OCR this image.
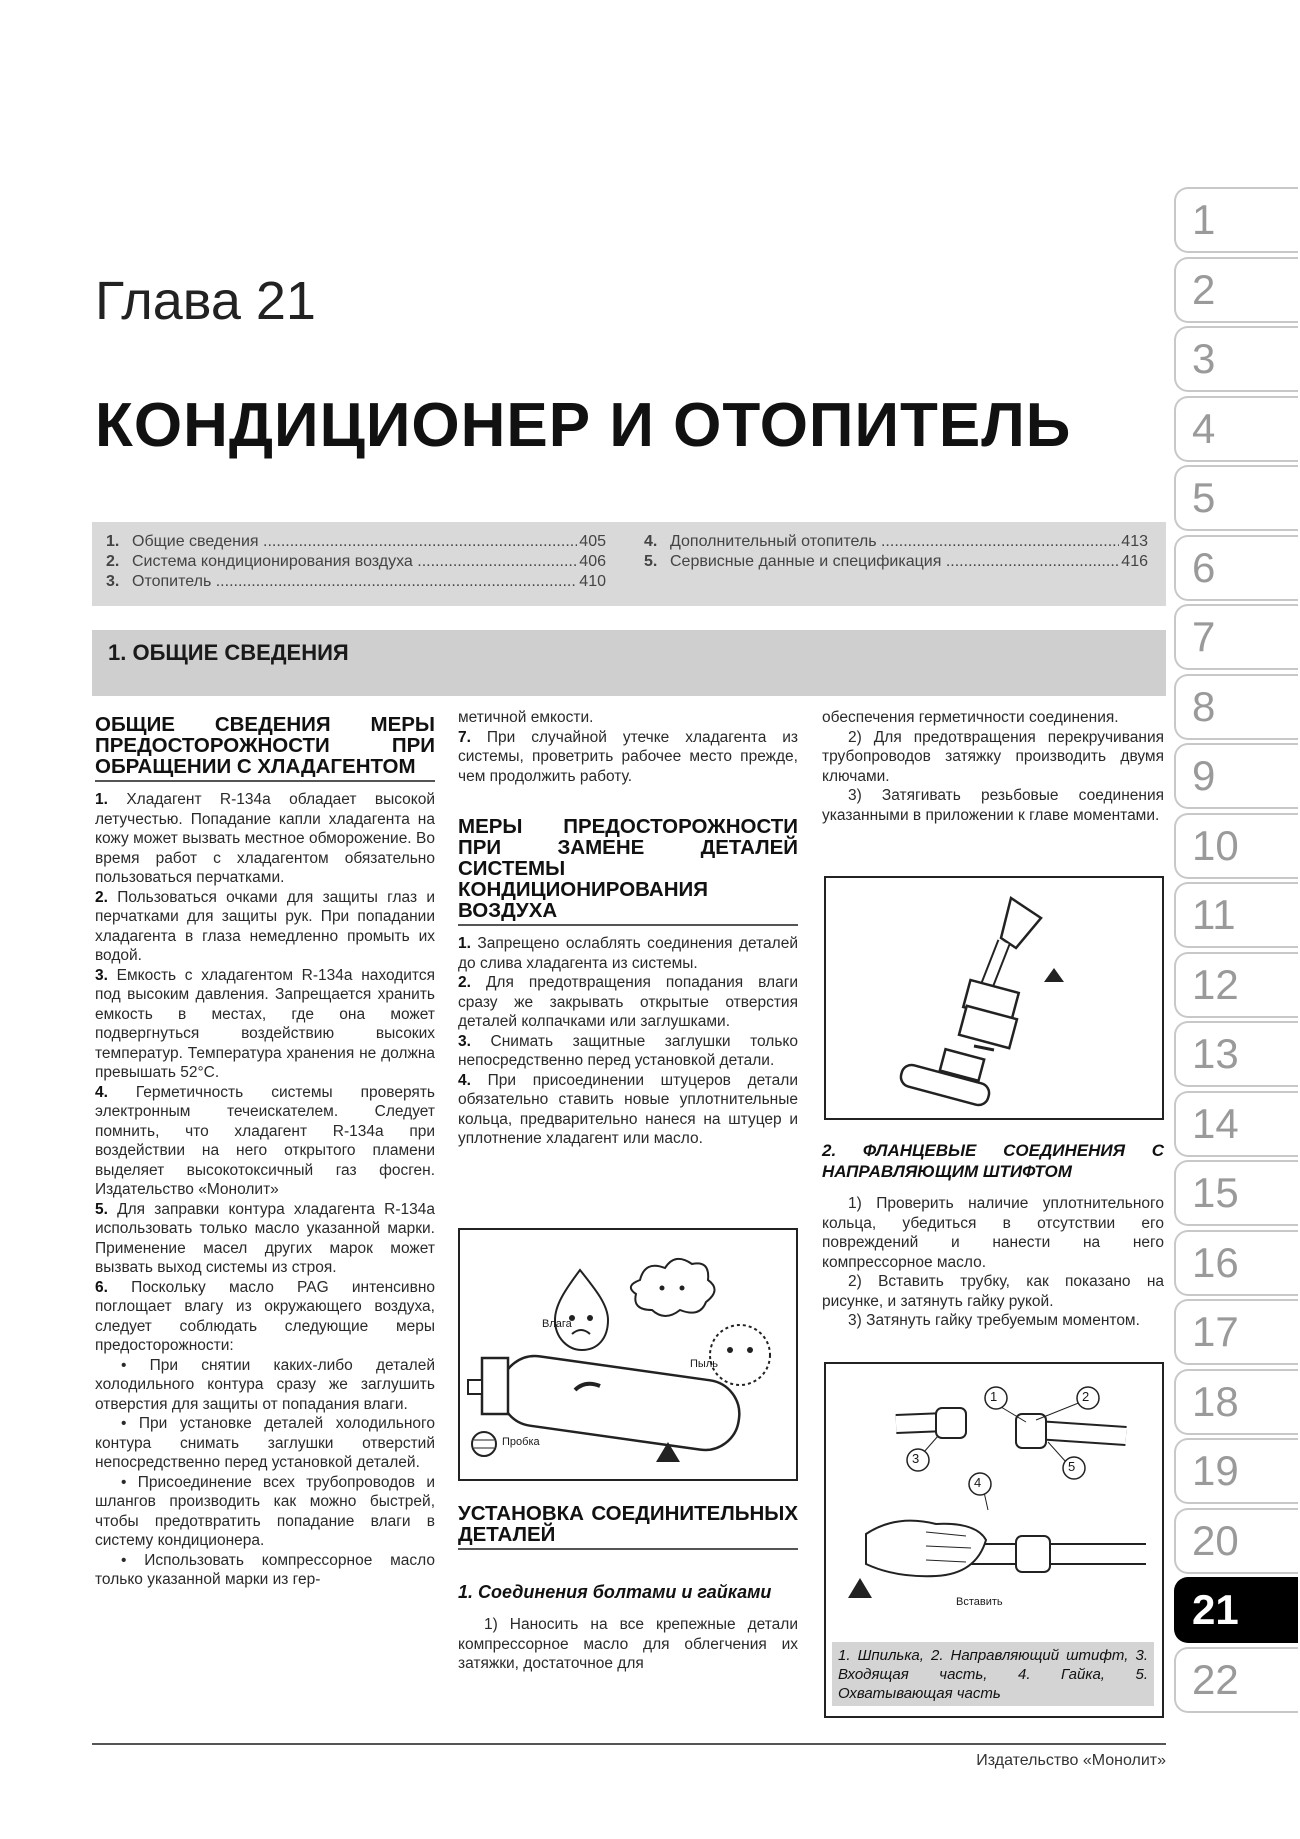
1
2
3
4
5
6
7
8
9
10
11
12
13
14
15
16
17
18
19
20
21
22
Глава 21
КОНДИЦИОНЕР И ОТОПИТЕЛЬ
1. Общие сведения .....	405
2. Система кондиционирования воздуха .....	406
3. Отопитель .....	410
4. Дополнительный отопитель .....	413
5. Сервисные данные и спецификация .....	416
1. ОБЩИЕ СВЕДЕНИЯ
ОБЩИЕ СВЕДЕНИЯ МЕРЫ ПРЕДОСТОРОЖНОСТИ ПРИ ОБРАЩЕНИИ С ХЛАДАГЕНТОМ

1. Хладагент R-134a обладает высокой летучестью. Попадание капли хладагента на кожу может вызвать местное обморожение. Во время работ с хладагентом обязательно пользоваться перчатками.

2. Пользоваться очками для защиты глаз и перчатками для защиты рук. При попадании хладагента в глаза немедленно промыть их водой.

3. Емкость с хладагентом R-134a находится под высоким давления. Запрещается хранить емкость в местах, где она может подвергнуться воздействию высоких температур. Температура хранения не должна превышать 52°C.

4. Герметичность системы проверять электронным течеискателем. Следует помнить, что хладагент R-134a при воздействии на него открытого пламени выделяет высокотоксичный газ фосген. Издательство «Монолит»

5. Для заправки контура хладагента R-134a использовать только масло указанной марки. Применение масел других марок может вызвать выход системы из строя.

6. Поскольку масло PAG интенсивно поглощает влагу из окружающего воздуха, следует соблюдать следующие меры предосторожности:

• При снятии каких-либо деталей холодильного контура сразу же заглушить отверстия для защиты от попадания влаги.

• При установке деталей холодильного контура снимать заглушки отверстий непосредственно перед установкой деталей.

• Присоединение всех трубопроводов и шлангов производить как можно быстрей, чтобы предотвратить попадание влаги в систему кондиционера.

• Использовать компрессорное масло только указанной марки из гер-

метичной емкости.

7. При случайной утечке хладагента из системы, проветрить рабочее место прежде, чем продолжить работу.

МЕРЫ ПРЕДОСТОРОЖНОСТИ ПРИ ЗАМЕНЕ ДЕТАЛЕЙ СИСТЕМЫ КОНДИЦИОНИРОВАНИЯ ВОЗДУХА

1. Запрещено ослаблять соединения деталей до слива хладагента из системы.

2. Для предотвращения попадания влаги сразу же закрывать открытые отверстия деталей колпачками или заглушками.

3. Снимать защитные заглушки только непосредственно перед установкой детали.

4. При присоединении штуцеров детали обязательно ставить новые уплотнительные кольца, предварительно нанеся на штуцер и уплотнение хладагент или масло.

Влага
Пыль
Пробка
УСТАНОВКА СОЕДИНИТЕЛЬНЫХ ДЕТАЛЕЙ
1. Соединения болтами и гайками

1) Наносить на все крепежные детали компрессорное масло для облегчения их затяжки, достаточное для

обеспечения герметичности соединения.

2) Для предотвращения перекручивания трубопроводов затяжку производить двумя ключами.

3) Затягивать резьбовые соединения указанными в приложении к главе моментами.

2. ФЛАНЦЕВЫЕ СОЕДИНЕНИЯ С НАПРАВЛЯЮЩИМ ШТИФТОМ

1) Проверить наличие уплотнительного кольца, убедиться в отсутствии его повреждений и нанести на него компрессорное масло.

2) Вставить трубку, как показано на рисунке, и затянуть гайку рукой.

3) Затянуть гайку требуемым моментом.

1	2
3
4
5
Вставить
1. Шпилька, 2. Направляющий штифт, 3. Входящая часть, 4. Гайка, 5. Охватывающая часть
Издательство «Монолит»
